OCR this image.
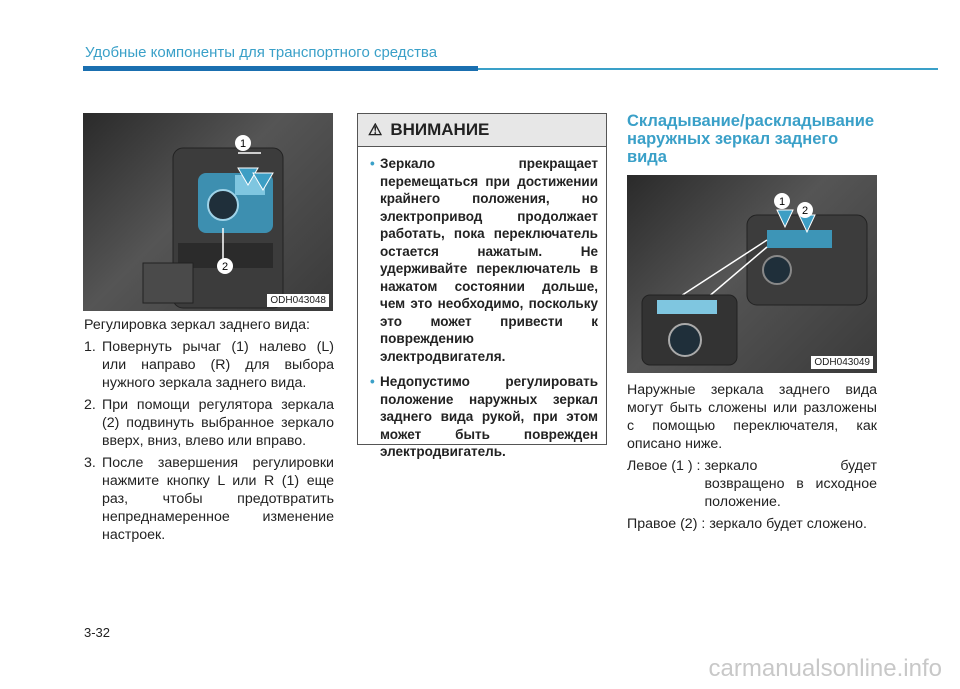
Удобные компоненты для транспортного средства
1
2
ODH043048

Регулировка зеркал заднего вида:

1. Повернуть рычаг (1) налево (L) или направо (R) для выбора нужного зеркала заднего вида.
2. При помощи регулятора зеркала (2) подвинуть выбранное зеркало вверх, вниз, влево или вправо.
3. После завершения регулировки нажмите кнопку L или R (1) еще раз, чтобы предотвратить непреднамеренное изменение настроек.
⚠ ВНИМАНИЕ
• Зеркало прекращает перемещаться при достижении крайнего положения, но электропривод продолжает работать, пока переключатель остается нажатым. Не удерживайте переключатель в нажатом состоянии дольше, чем это необходимо, поскольку это может привести к повреждению электродвигателя.
• Недопустимо регулировать положение наружных зеркал заднего вида рукой, при этом может быть поврежден электродвигатель.
Складывание/раскладывание наружных зеркал заднего вида
1
2
ODH043049

Наружные зеркала заднего вида могут быть сложены или разложены с помощью переключателя, как описано ниже.

Левое (1 ) : зеркало будет возвращено в исходное положение.
Правое (2) : зеркало будет сложено.
3-32
carmanualsonline.info
